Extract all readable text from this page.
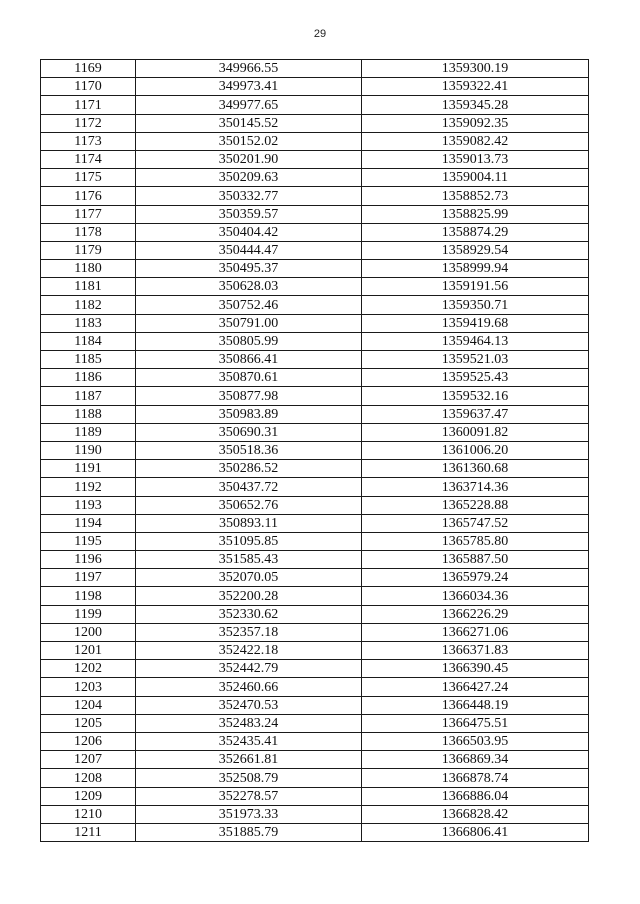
29
1169	349966.55	1359300.19
1170	349973.41	1359322.41
1171	349977.65	1359345.28
1172	350145.52	1359092.35
1173	350152.02	1359082.42
1174	350201.90	1359013.73
1175	350209.63	1359004.11
1176	350332.77	1358852.73
1177	350359.57	1358825.99
1178	350404.42	1358874.29
1179	350444.47	1358929.54
1180	350495.37	1358999.94
1181	350628.03	1359191.56
1182	350752.46	1359350.71
1183	350791.00	1359419.68
1184	350805.99	1359464.13
1185	350866.41	1359521.03
1186	350870.61	1359525.43
1187	350877.98	1359532.16
1188	350983.89	1359637.47
1189	350690.31	1360091.82
1190	350518.36	1361006.20
1191	350286.52	1361360.68
1192	350437.72	1363714.36
1193	350652.76	1365228.88
1194	350893.11	1365747.52
1195	351095.85	1365785.80
1196	351585.43	1365887.50
1197	352070.05	1365979.24
1198	352200.28	1366034.36
1199	352330.62	1366226.29
1200	352357.18	1366271.06
1201	352422.18	1366371.83
1202	352442.79	1366390.45
1203	352460.66	1366427.24
1204	352470.53	1366448.19
1205	352483.24	1366475.51
1206	352435.41	1366503.95
1207	352661.81	1366869.34
1208	352508.79	1366878.74
1209	352278.57	1366886.04
1210	351973.33	1366828.42
1211	351885.79	1366806.41
